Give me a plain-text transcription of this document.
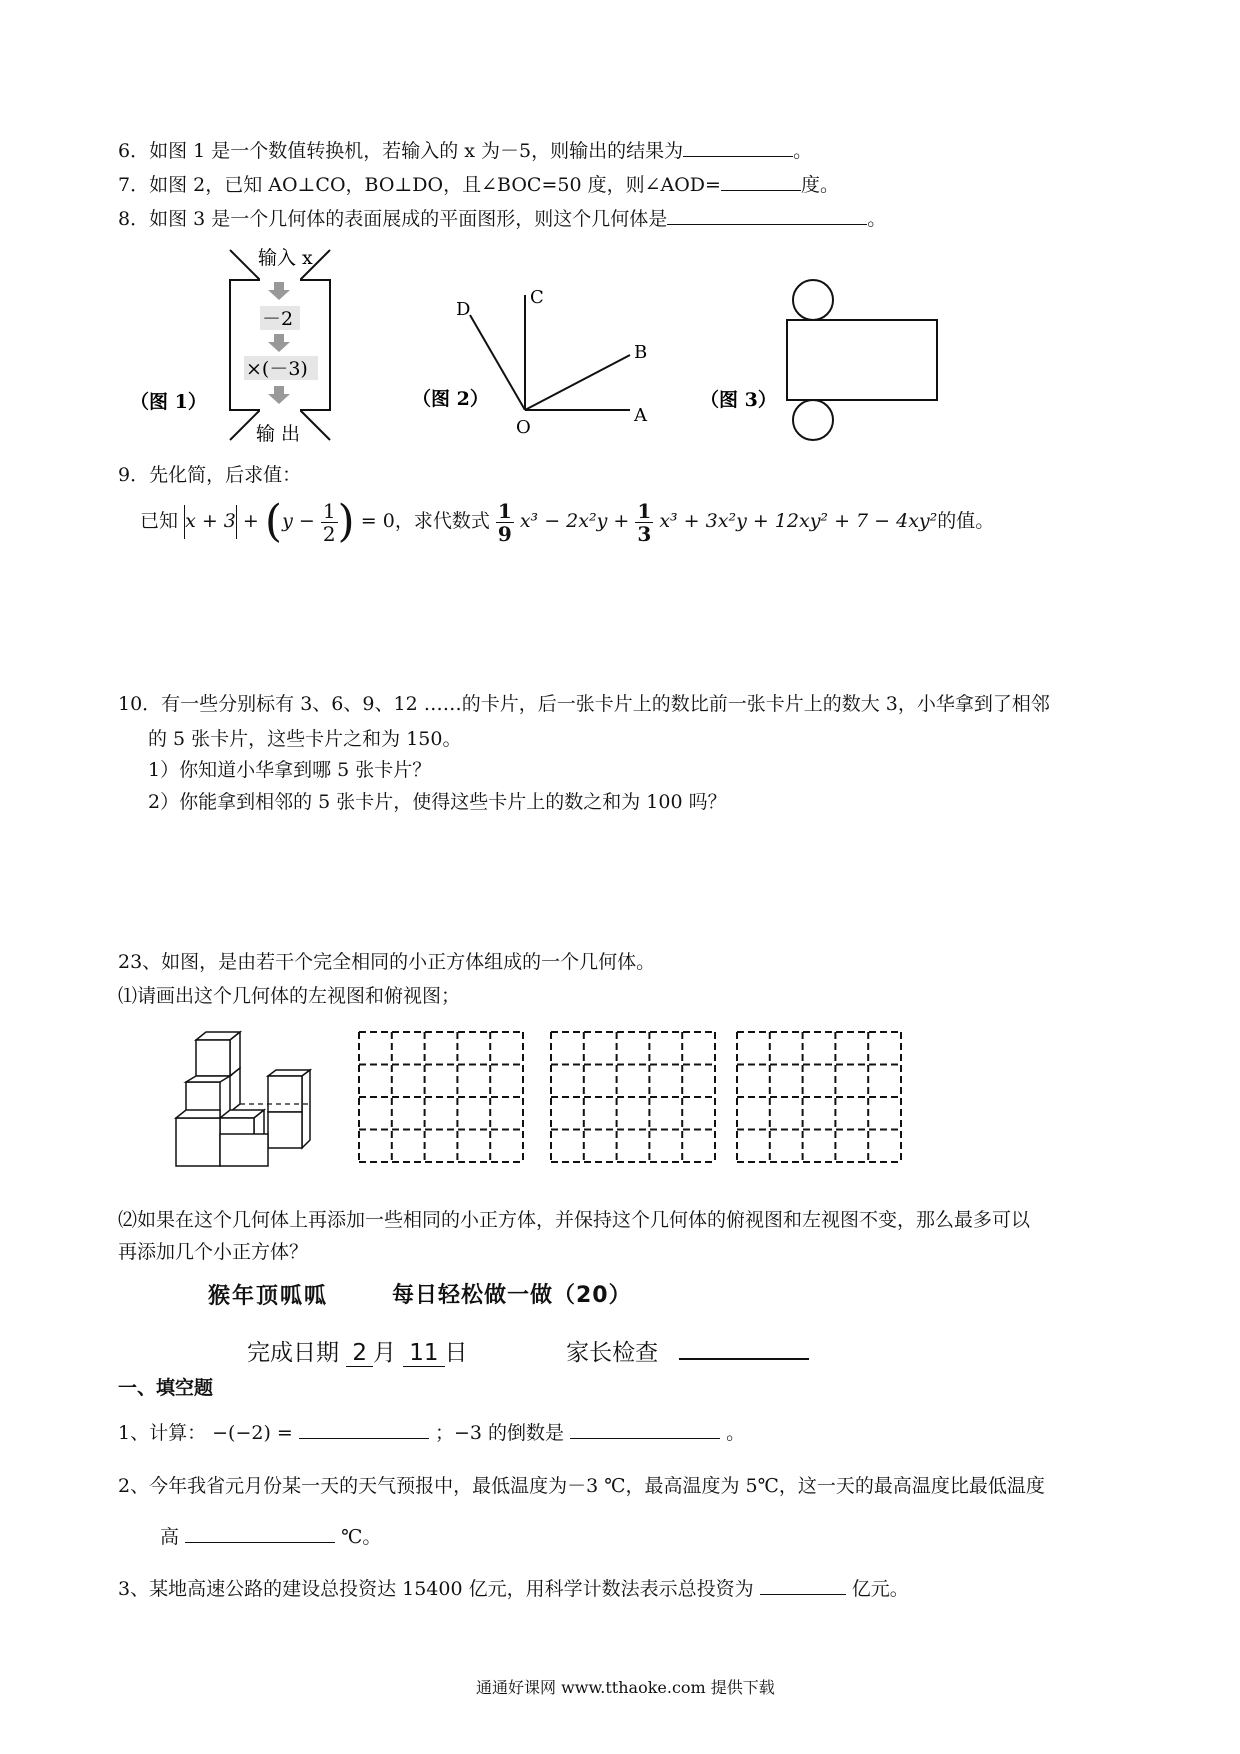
6．如图 1 是一个数值转换机，若输入的 x 为－5，则输出的结果为	。
7．如图 2，已知 AO⊥CO，BO⊥DO，且∠BOC=50 度，则∠AOD=	度。
8．如图 3 是一个几何体的表面展成的平面图形，则这个几何体是	。
－2
×(－3)
输入 x
输 出
（图 1）
D
C
B
O
A
（图 2）	（图 3）
9．先化简，后求值：
已知 $x + 3 + (y - \frac{1}{2}$ ) = 0，求代数式 $\frac{1}{9} x^3 - 2x^2y + \frac{1}{3} x^3 + 3x^2y + 12xy^2 + 7 - 4xy^2$的值。
10．有一些分别标有 3、6、9、12 ……的卡片，后一张卡片上的数比前一张卡片上的数大 3，小华拿到了相邻
的 5 张卡片，这些卡片之和为 150。
1）你知道小华拿到哪 5 张卡片？
2）你能拿到相邻的 5 张卡片，使得这些卡片上的数之和为 100 吗？
23、如图，是由若干个完全相同的小正方体组成的一个几何体。
⑴请画出这个几何体的左视图和俯视图；
⑵如果在这个几何体上再添加一些相同的小正方体，并保持这个几何体的俯视图和左视图不变，那么最多可以
再添加几个小正方体？
猴年顶呱呱	每日轻松做一做（20）
完成日期 2 月 11 日	家长检查
一、填空题
1、计算： −(−2) =	；−3 的倒数是	。
2、今年我省元月份某一天的天气预报中，最低温度为－3 ℃，最高温度为 5℃，这一天的最高温度比最低温度
高	℃。
3、某地高速公路的建设总投资达 15400 亿元，用科学计数法表示总投资为	亿元。
通通好课网 www.tthaoke.com 提供下载
